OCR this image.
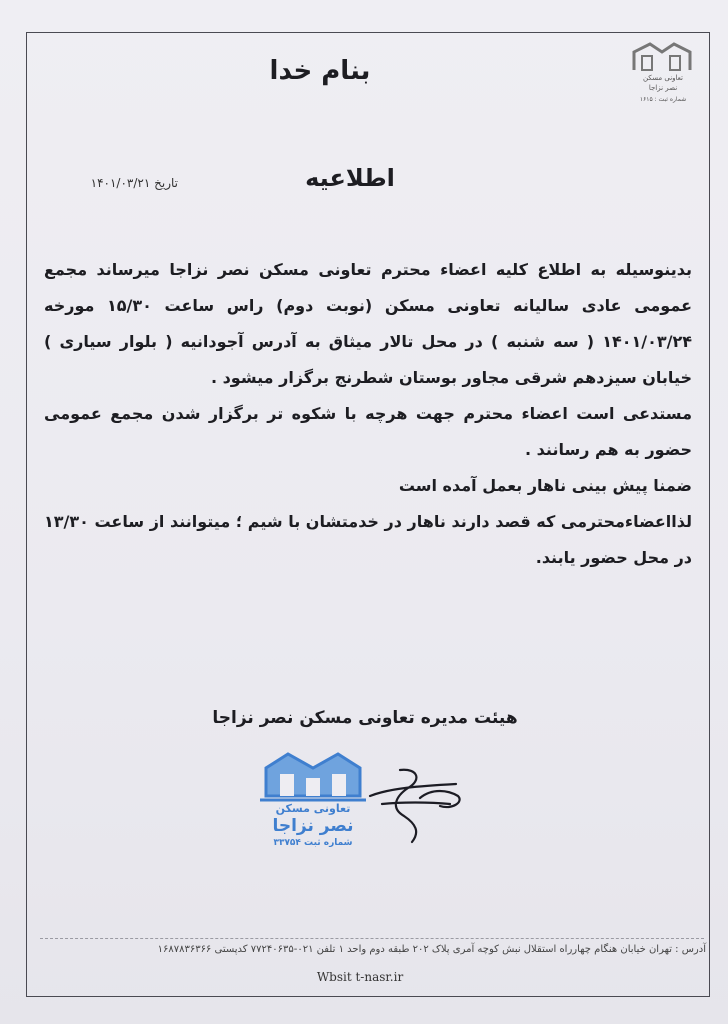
بنام خدا	تعاونی مسکن
نصر نزاجا
شماره ثبت : ۱۶۱۵
اطلاعیه
تاریخ ۱۴۰۱/۰۳/۲۱

بدینوسیله به اطلاع کلیه اعضاء محترم تعاونی مسکن نصر نزاجا میرساند مجمع عمومی عادی سالیانه تعاونی مسکن (نوبت دوم) راس ساعت ۱۵/۳۰ مورخه ۱۴۰۱/۰۳/۲۴ ( سه شنبه ) در محل تالار میثاق به آدرس آجودانیه ( بلوار سیاری ) خیابان سیزدهم شرقی مجاور بوستان شطرنج برگزار میشود .

مستدعی است اعضاء محترم جهت هرچه با شکوه تر برگزار شدن مجمع عمومی حضور به هم رسانند .

ضمنا پیش بینی ناهار بعمل آمده است

لذااعضاءمحترمی که قصد دارند ناهار در خدمتشان با شیم ؛ میتوانند از ساعت ۱۳/۳۰ در محل حضور یابند.

هیئت مدیره تعاونی مسکن نصر نزاجا
تعاونی مسکن
نصر نزاجا
شماره ثبت ۳۳۷۵۴
آدرس : تهران خیابان هنگام چهارراه استقلال نبش کوچه آمری پلاک ۲۰۲ طبقه دوم واحد ۱ تلفن ۰۲۱-۷۷۲۴۰۶۳۵ کدپستی ۱۶۸۷۸۳۶۳۶۶
Wbsit t-nasr.ir
